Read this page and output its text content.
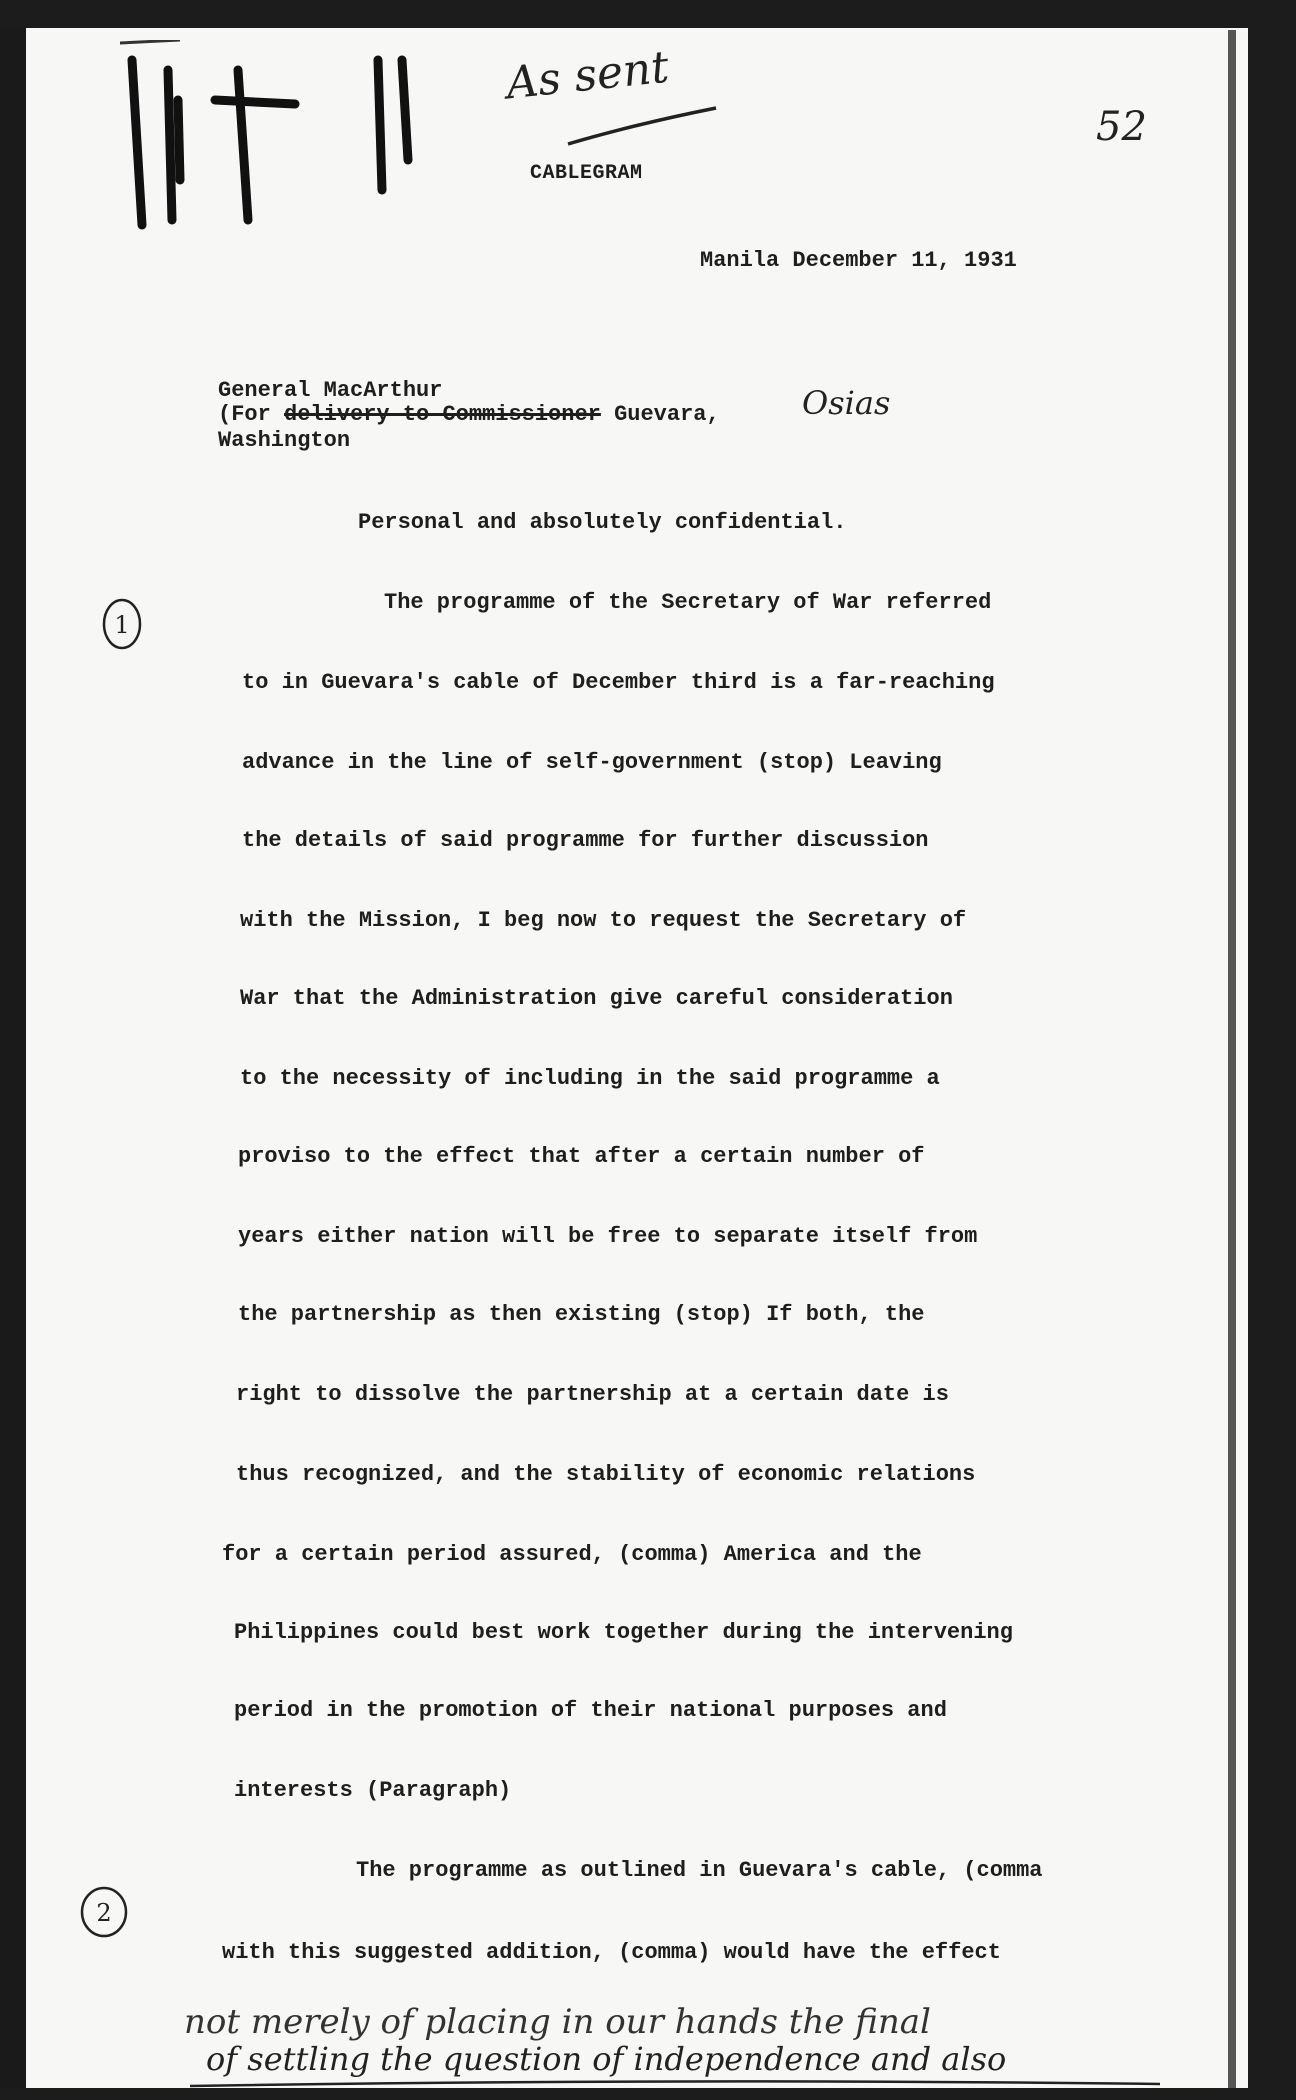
As sent
52
CABLEGRAM
Manila December 11, 1931
General MacArthur
(For delivery to Commissioner Guevara,	Osias
Washington
Personal and absolutely confidential.
1
2
The programme of the Secretary of War referred
to in Guevara's cable of December third is a far-reaching
advance in the line of self-government (stop) Leaving
the details of said programme for further discussion
with the Mission, I beg now to request the Secretary of
War that the Administration give careful consideration
to the necessity of including in the said programme a
proviso to the effect that after a certain number of
years either nation will be free to separate itself from
the partnership as then existing (stop) If both, the
right to dissolve the partnership at a certain date is
thus recognized, and the stability of economic relations
for a certain period assured, (comma) America and the
Philippines could best work together during the intervening
period in the promotion of their national purposes and
interests (Paragraph)
The programme as outlined in Guevara's cable, (comma
with this suggested addition, (comma) would have the effect
not merely of placing in our hands the final
of settling the question of independence and also
